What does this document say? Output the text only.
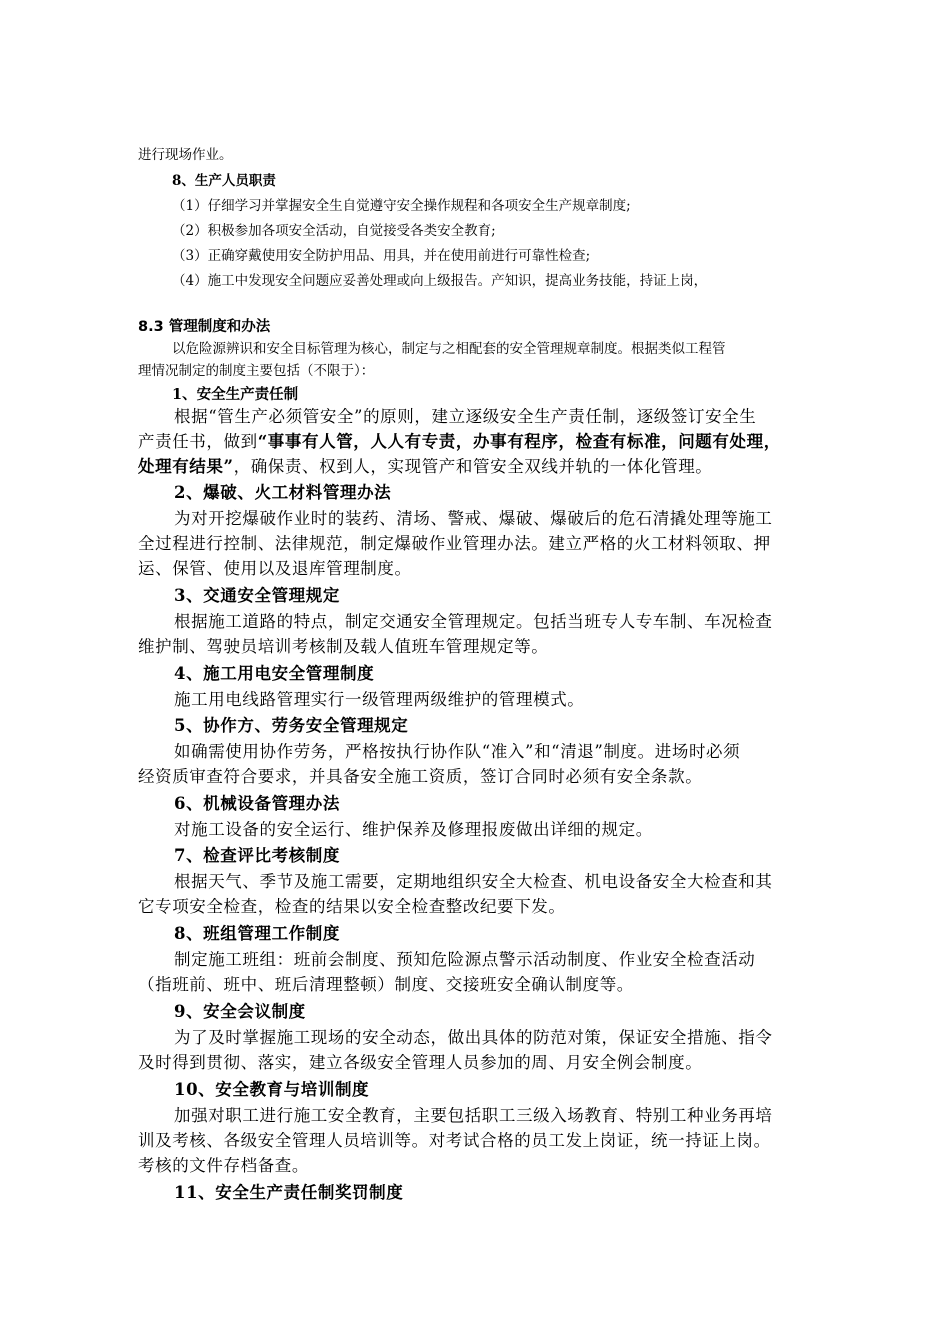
进行现场作业。
8、生产人员职责
（1）仔细学习并掌握安全生自觉遵守安全操作规程和各项安全生产规章制度;
（2）积极参加各项安全活动，自觉接受各类安全教育;
（3）正确穿戴使用安全防护用品、用具，并在使用前进行可靠性检查;
（4）施工中发现安全问题应妥善处理或向上级报告。产知识，提高业务技能，持证上岗，
8.3 管理制度和办法
以危险源辨识和安全目标管理为核心，制定与之相配套的安全管理规章制度。根据类似工程管
理情况制定的制度主要包括（不限于）：
1、安全生产责任制
根据“管生产必须管安全”的原则，建立逐级安全生产责任制，逐级签订安全生
产责任书，做到“事事有人管，人人有专责，办事有程序，检查有标准，问题有处理，
处理有结果”，确保责、权到人，实现管产和管安全双线并轨的一体化管理。
2、爆破、火工材料管理办法
为对开挖爆破作业时的装药、清场、警戒、爆破、爆破后的危石清撬处理等施工
全过程进行控制、法律规范，制定爆破作业管理办法。建立严格的火工材料领取、押
运、保管、使用以及退库管理制度。
3、交通安全管理规定
根据施工道路的特点，制定交通安全管理规定。包括当班专人专车制、车况检查
维护制、驾驶员培训考核制及载人值班车管理规定等。
4、施工用电安全管理制度
施工用电线路管理实行一级管理两级维护的管理模式。
5、协作方、劳务安全管理规定
如确需使用协作劳务，严格按执行协作队“准入”和“清退”制度。进场时必须
经资质审查符合要求，并具备安全施工资质，签订合同时必须有安全条款。
6、机械设备管理办法
对施工设备的安全运行、维护保养及修理报废做出详细的规定。
7、检查评比考核制度
根据天气、季节及施工需要，定期地组织安全大检查、机电设备安全大检查和其
它专项安全检查，检查的结果以安全检查整改纪要下发。
8、班组管理工作制度
制定施工班组：班前会制度、预知危险源点警示活动制度、作业安全检查活动
（指班前、班中、班后清理整顿）制度、交接班安全确认制度等。
9、安全会议制度
为了及时掌握施工现场的安全动态，做出具体的防范对策，保证安全措施、指令
及时得到贯彻、落实，建立各级安全管理人员参加的周、月安全例会制度。
10、安全教育与培训制度
加强对职工进行施工安全教育，主要包括职工三级入场教育、特别工种业务再培
训及考核、各级安全管理人员培训等。对考试合格的员工发上岗证，统一持证上岗。
考核的文件存档备查。
11、安全生产责任制奖罚制度
